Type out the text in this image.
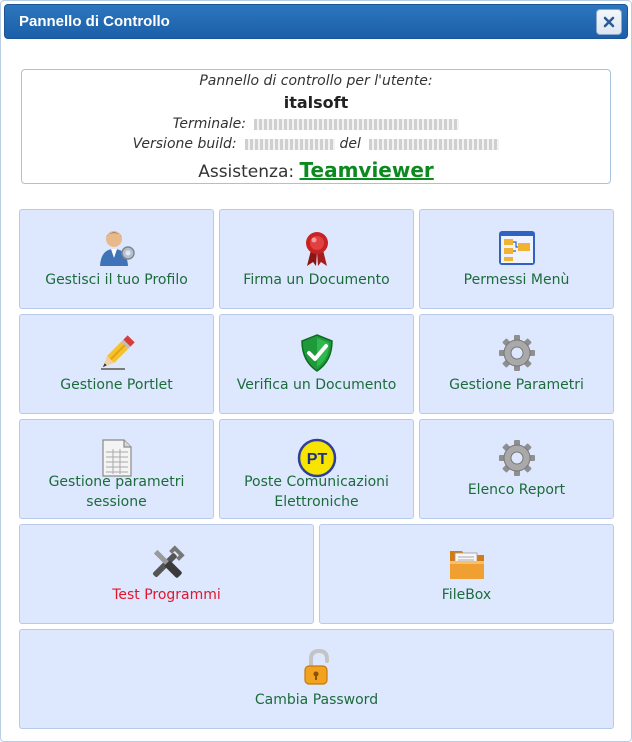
Pannello di Controllo
Pannello di controllo per l'utente:
italsoft
Terminale:
Versione build:	del
Assistenza: Teamviewer
Gestisci il tuo Profilo	Firma un Documento	Permessi Menù
Gestione Portlet	Verifica un Documento	Gestione Parametri
Gestione parametri sessione
PT
Poste Comunicazioni Elettroniche
Elenco Report
Test Programmi	FileBox
Cambia Password
